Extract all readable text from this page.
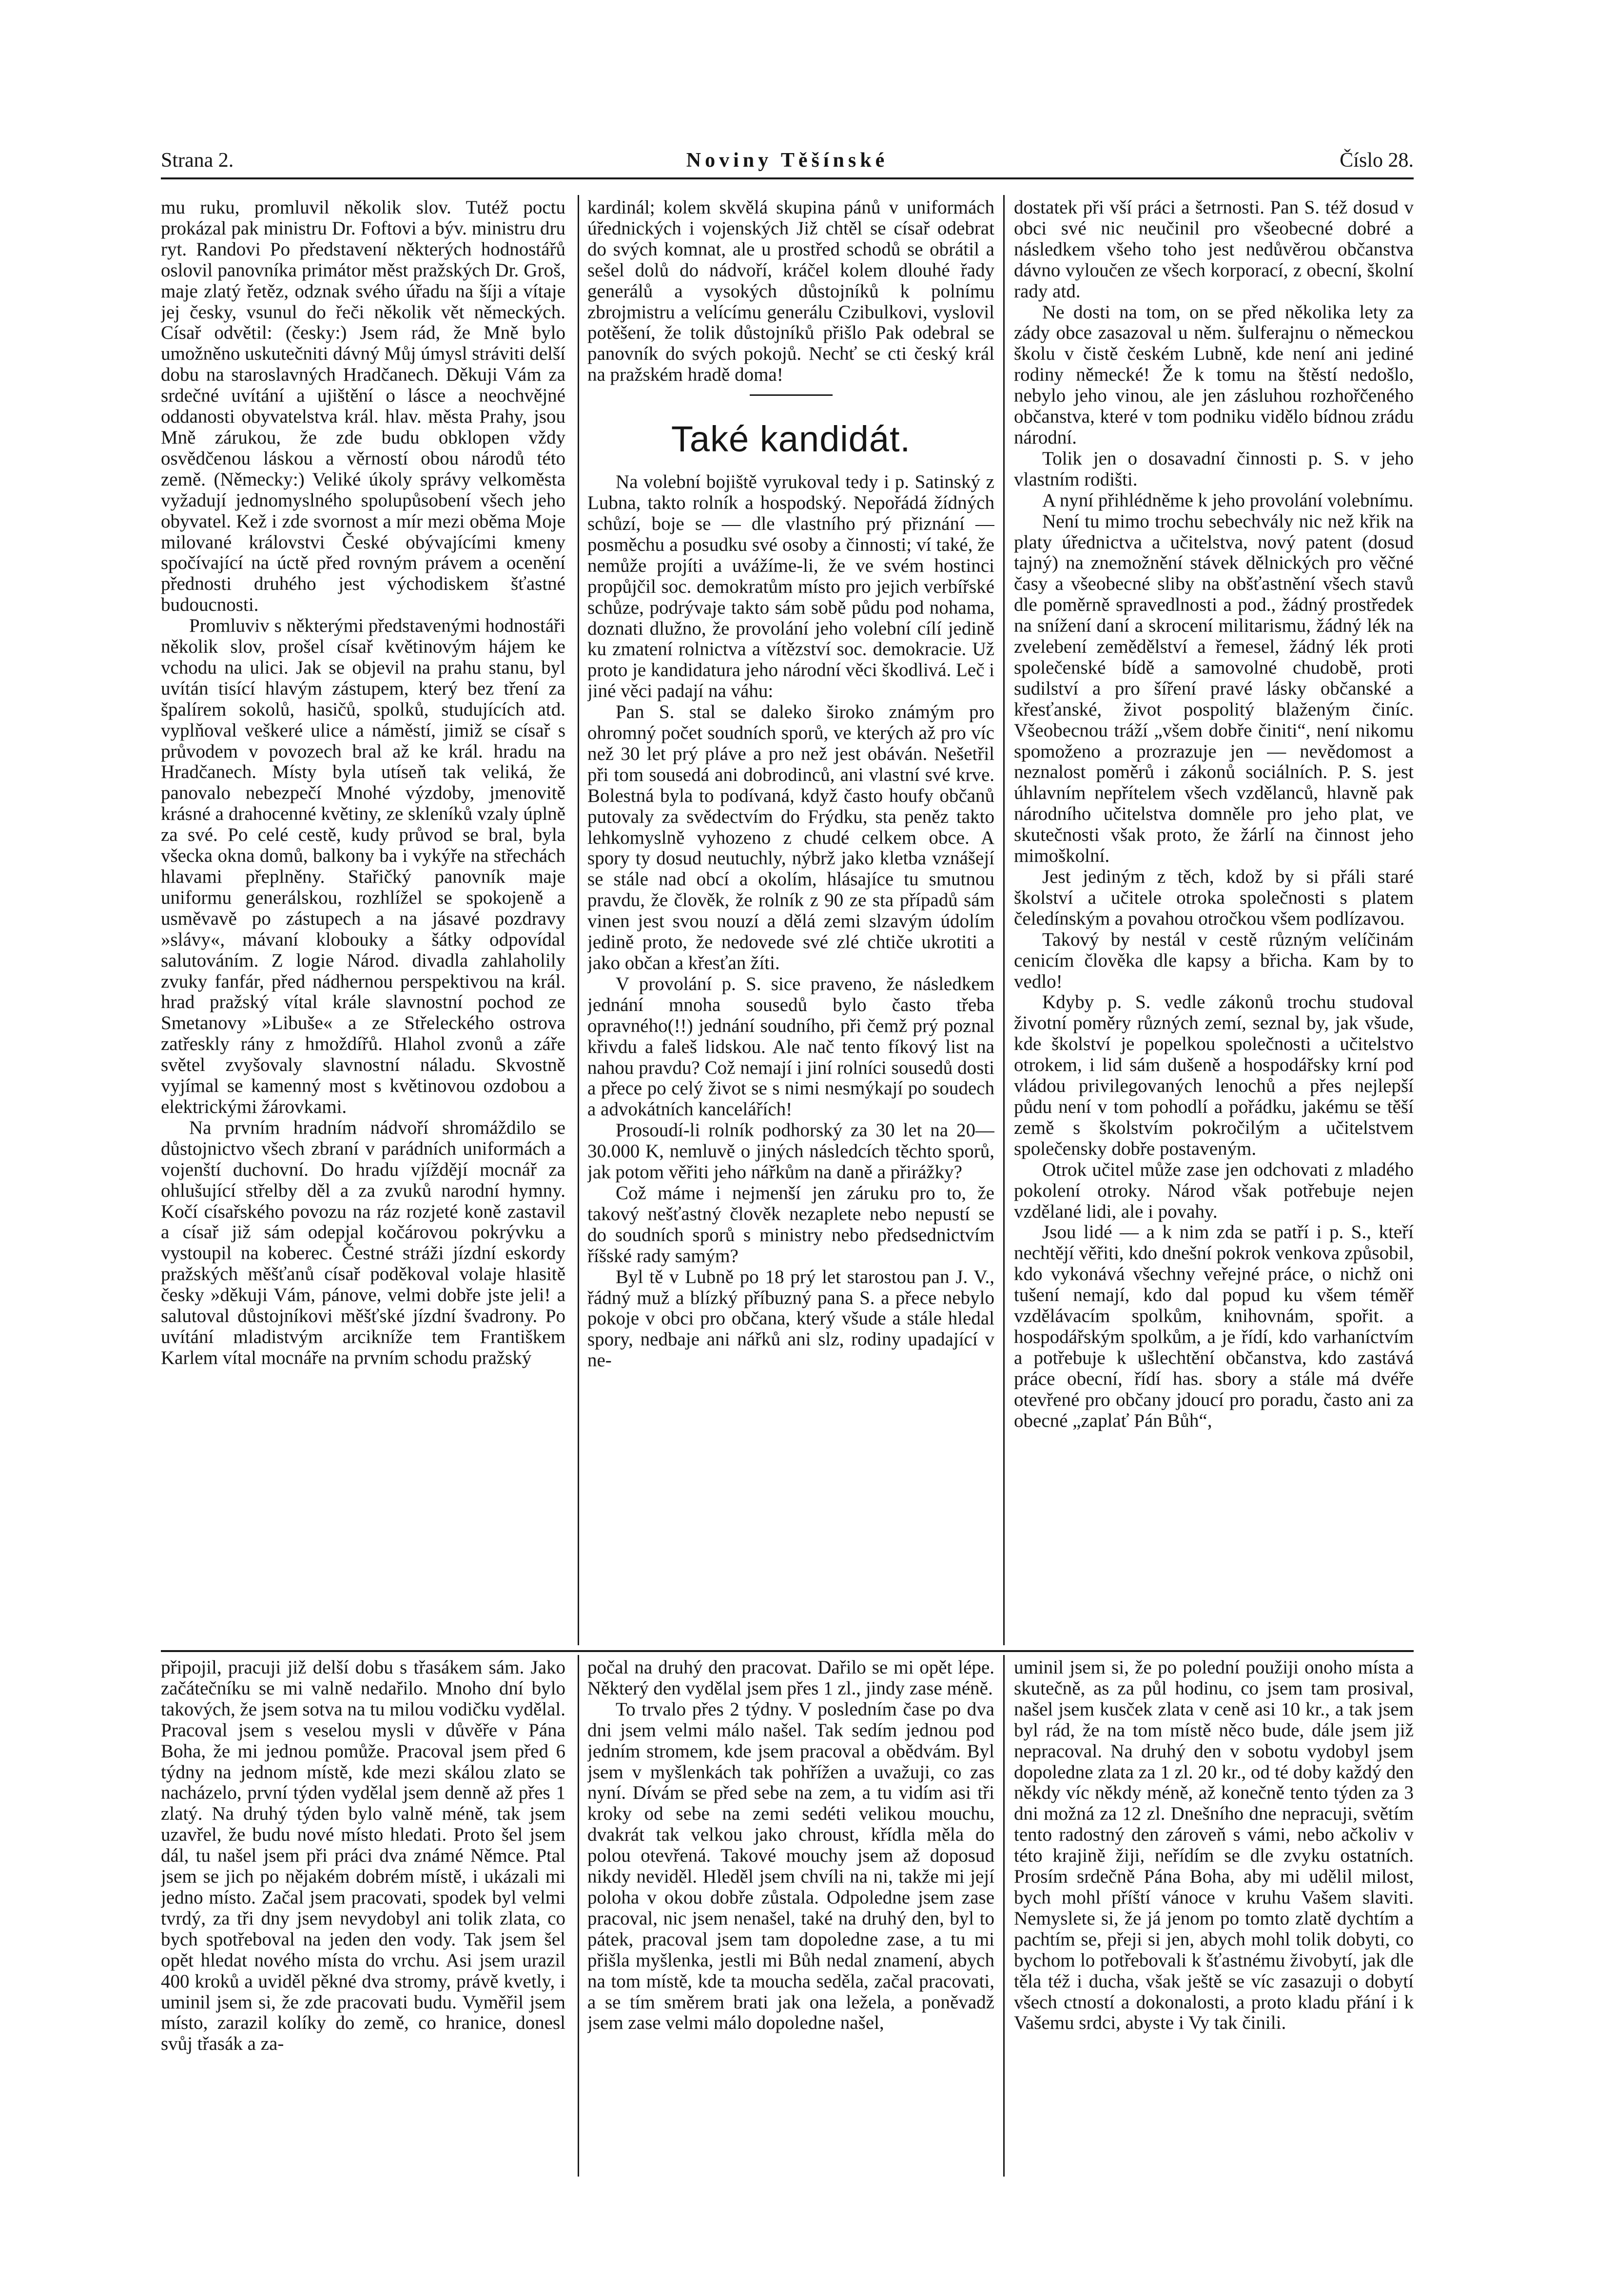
Strana 2.	Noviny Těšínské	Číslo 28.

mu ruku, promluvil několik slov. Tutéž poctu prokázal pak ministru Dr. Foftovi a býv. ministru dru ryt. Randovi Po představení některých hodnostářů oslovil panovníka primátor měst pražských Dr. Groš, maje zlatý řetěz, odznak svého úřadu na šíji a vítaje jej česky, vsunul do řeči několik vět německých. Císař odvětil: (česky:) Jsem rád, že Mně bylo umožněno uskutečniti dávný Můj úmysl stráviti delší dobu na staroslavných Hradčanech. Děkuji Vám za srdečné uvítání a ujištění o lásce a neochvějné oddanosti obyvatelstva král. hlav. města Prahy, jsou Mně zárukou, že zde budu obklopen vždy osvědčenou láskou a věrností obou národů této země. (Německy:) Veliké úkoly správy velkoměsta vyžadují jednomyslného spolupůsobení všech jeho obyvatel. Kež i zde svornost a mír mezi oběma Moje milované královstvi České obývajícími kmeny spočívající na úctě před rovným právem a ocenění přednosti druhého jest východiskem šťastné budoucnosti.

Promluviv s některými představenými hodnostáři několik slov, prošel císař květinovým hájem ke vchodu na ulici. Jak se objevil na prahu stanu, byl uvítán tisící hlavým zástupem, který bez tření za špalírem sokolů, hasičů, spolků, studujících atd. vyplňoval veškeré ulice a náměstí, jimiž se císař s průvodem v povozech bral až ke král. hradu na Hradčanech. Místy byla utíseň tak veliká, že panovalo nebezpečí Mnohé výzdoby, jmenovitě krásné a drahocenné květiny, ze skleníků vzaly úplně za své. Po celé cestě, kudy průvod se bral, byla všecka okna domů, balkony ba i vykýře na střechách hlavami přeplněny. Stařičký panovník maje uniformu generálskou, rozhlížel se spokojeně a usměvavě po zástupech a na jásavé pozdravy »slávy«, mávaní klobouky a šátky odpovídal salutováním. Z logie Národ. divadla zahlaholily zvuky fanfár, před nádhernou perspektivou na král. hrad pražský vítal krále slavnostní pochod ze Smetanovy »Libuše« a ze Střeleckého ostrova zatřeskly rány z hmoždířů. Hlahol zvonů a záře světel zvyšovaly slavnostní náladu. Skvostně vyjímal se kamenný most s květinovou ozdobou a elektrickými žárovkami.

Na prvním hradním nádvoří shromáždilo se důstojnictvo všech zbraní v parádních uniformách a vojenští duchovní. Do hradu vjíždějí mocnář za ohlušující střelby děl a za zvuků narodní hymny. Kočí císařského povozu na ráz rozjeté koně zastavil a císař již sám odepjal kočárovou pokrývku a vystoupil na koberec. Čestné stráži jízdní eskordy pražských měšťanů císař poděkoval volaje hlasitě česky »děkuji Vám, pánove, velmi dobře jste jeli! a salutoval důstojníkovi měšťské jízdní švadrony. Po uvítání mladistvým arcikníže tem Františkem Karlem vítal mocnáře na prvním schodu pražský

kardinál; kolem skvělá skupina pánů v uniformách úřednických i vojenských Již chtěl se císař odebrat do svých komnat, ale u prostřed schodů se obrátil a sešel dolů do nádvoří, kráčel kolem dlouhé řady generálů a vysokých důstojníků k polnímu zbrojmistru a velícímu generálu Czibulkovi, vyslovil potěšení, že tolik důstojníků přišlo Pak odebral se panovník do svých pokojů. Nechť se cti český král na pražském hradě doma!

Také kandidát.

Na volební bojiště vyrukoval tedy i p. Satinský z Lubna, takto rolník a hospodský. Nepořádá žídných schůzí, boje se — dle vlastního prý přiznání — posměchu a posudku své osoby a činnosti; ví také, že nemůže projíti a uvážíme-li, že ve svém hostinci propůjčil soc. demokratům místo pro jejich verbířské schůze, podrývaje takto sám sobě půdu pod nohama, doznati dlužno, že provolání jeho volební cílí jedině ku zmatení rolnictva a vítězství soc. demokracie. Už proto je kandidatura jeho národní věci škodlivá. Leč i jiné věci padají na váhu:

Pan S. stal se daleko široko známým pro ohromný počet soudních sporů, ve kterých až pro víc než 30 let prý pláve a pro než jest obáván. Nešetřil při tom sousedá ani dobrodinců, ani vlastní své krve. Bolestná byla to podívaná, když často houfy občanů putovaly za svědectvím do Frýdku, sta peněz takto lehkomyslně vyhozeno z chudé celkem obce. A spory ty dosud neutuchly, nýbrž jako kletba vznášejí se stále nad obcí a okolím, hlásajíce tu smutnou pravdu, že člověk, že rolník z 90 ze sta případů sám vinen jest svou nouzí a dělá zemi slzavým údolím jedině proto, že nedovede své zlé chtiče ukrotiti a jako občan a křesťan žíti.

V provolání p. S. sice praveno, že následkem jednání mnoha sousedů bylo často třeba opravného(!!) jednání soudního, při čemž prý poznal křivdu a faleš lidskou. Ale nač tento fíkový list na nahou pravdu? Což nemají i jiní rolníci sousedů dosti a přece po celý život se s nimi nesmýkají po soudech a advokátních kancelářích!

Prosoudí-li rolník podhorský za 30 let na 20—30.000 K, nemluvě o jiných následcích těchto sporů, jak potom věřiti jeho nářkům na daně a přirážky?

Což máme i nejmenší jen záruku pro to, že takový nešťastný člověk nezaplete nebo nepustí se do soudních sporů s ministry nebo předsednictvím říšské rady samým?

Byl tě v Lubně po 18 prý let starostou pan J. V., řádný muž a blízký příbuzný pana S. a přece nebylo pokoje v obci pro občana, který všude a stále hledal spory, nedbaje ani nářků ani slz, rodiny upadající v ne-

dostatek při vší práci a šetrnosti. Pan S. též dosud v obci své nic neučinil pro všeobecné dobré a následkem všeho toho jest nedůvěrou občanstva dávno vyloučen ze všech korporací, z obecní, školní rady atd.

Ne dosti na tom, on se před několika lety za zády obce zasazoval u něm. šulferajnu o německou školu v čistě českém Lubně, kde není ani jediné rodiny německé! Že k tomu na štěstí nedošlo, nebylo jeho vinou, ale jen zásluhou rozhořčeného občanstva, které v tom podniku vidělo bídnou zrádu národní.

Tolik jen o dosavadní činnosti p. S. v jeho vlastním rodišti.

A nyní přihlédněme k jeho provolání volebnímu.

Není tu mimo trochu sebechvály nic než křik na platy úřednictva a učitelstva, nový patent (dosud tajný) na znemožnění stávek dělnických pro věčné časy a všeobecné sliby na obšťastnění všech stavů dle poměrně spravedlnosti a pod., žádný prostředek na snížení daní a skrocení militarismu, žádný lék na zvelebení zemědělství a řemesel, žádný lék proti společenské bídě a samovolné chudobě, proti sudilství a pro šíření pravé lásky občanské a křesťanské, život pospolitý blaženým činíc. Všeobecnou tráží „všem dobře činiti“, není nikomu spomoženo a prozrazuje jen — nevědomost a neznalost poměrů i zákonů sociálních. P. S. jest úhlavním nepřítelem všech vzdělanců, hlavně pak národního učitelstva domněle pro jeho plat, ve skutečnosti však proto, že žárlí na činnost jeho mimoškolní.

Jest jediným z těch, kdož by si přáli staré školství a učitele otroka společnosti s platem čeledínským a povahou otročkou všem podlízavou.

Takový by nestál v cestě různým velíčinám cenicím člověka dle kapsy a břicha. Kam by to vedlo!

Kdyby p. S. vedle zákonů trochu studoval životní poměry různých zemí, seznal by, jak všude, kde školství je popelkou společnosti a učitelstvo otrokem, i lid sám dušeně a hospodářsky krní pod vládou privilegovaných lenochů a přes nejlepší půdu není v tom pohodlí a pořádku, jakému se těší země s školstvím pokročilým a učitelstvem společensky dobře postaveným.

Otrok učitel může zase jen odchovati z mladého pokolení otroky. Národ však potřebuje nejen vzdělané lidi, ale i povahy.

Jsou lidé — a k nim zda se patří i p. S., kteří nechtějí věřiti, kdo dnešní pokrok venkova způsobil, kdo vykonává všechny veřejné práce, o nichž oni tušení nemají, kdo dal popud ku všem téměř vzdělávacím spolkům, knihovnám, spořit. a hospodářským spolkům, a je řídí, kdo varhaníctvím a potřebuje k ušlechtění občanstva, kdo zastává práce obecní, řídí has. sbory a stále má dvéře otevřené pro občany jdoucí pro poradu, často ani za obecné „zaplať Pán Bůh“,

připojil, pracuji již delší dobu s třasákem sám. Jako začátečníku se mi valně nedařilo. Mnoho dní bylo takových, že jsem sotva na tu milou vodičku vydělal. Pracoval jsem s veselou mysli v důvěře v Pána Boha, že mi jednou pomůže. Pracoval jsem před 6 týdny na jednom místě, kde mezi skálou zlato se nacházelo, první týden vydělal jsem denně až přes 1 zlatý. Na druhý týden bylo valně méně, tak jsem uzavřel, že budu nové místo hledati. Proto šel jsem dál, tu našel jsem při práci dva známé Němce. Ptal jsem se jich po nějakém dobrém místě, i ukázali mi jedno místo. Začal jsem pracovati, spodek byl velmi tvrdý, za tři dny jsem nevydobyl ani tolik zlata, co bych spotřeboval na jeden den vody. Tak jsem šel opět hledat nového místa do vrchu. Asi jsem urazil 400 kroků a uviděl pěkné dva stromy, právě kvetly, i uminil jsem si, že zde pracovati budu. Vyměřil jsem místo, zarazil kolíky do země, co hranice, donesl svůj třasák a za-

počal na druhý den pracovat. Dařilo se mi opět lépe. Některý den vydělal jsem přes 1 zl., jindy zase méně.

To trvalo přes 2 týdny. V posledním čase po dva dni jsem velmi málo našel. Tak sedím jednou pod jedním stromem, kde jsem pracoval a obědvám. Byl jsem v myšlenkách tak pohřížen a uvažuji, co zas nyní. Dívám se před sebe na zem, a tu vidím asi tři kroky od sebe na zemi sedéti velikou mouchu, dvakrát tak velkou jako chroust, křídla měla do polou otevřená. Takové mouchy jsem až doposud nikdy neviděl. Hleděl jsem chvíli na ni, takže mi její poloha v okou dobře zůstala. Odpoledne jsem zase pracoval, nic jsem nenašel, také na druhý den, byl to pátek, pracoval jsem tam dopoledne zase, a tu mi přišla myšlenka, jestli mi Bůh nedal znamení, abych na tom místě, kde ta moucha seděla, začal pracovati, a se tím směrem brati jak ona ležela, a poněvadž jsem zase velmi málo dopoledne našel,

uminil jsem si, že po polední použiji onoho místa a skutečně, as za půl hodinu, co jsem tam prosival, našel jsem kusček zlata v ceně asi 10 kr., a tak jsem byl rád, že na tom místě něco bude, dále jsem již nepracoval. Na druhý den v sobotu vydobyl jsem dopoledne zlata za 1 zl. 20 kr., od té doby každý den někdy víc někdy méně, až konečně tento týden za 3 dni možná za 12 zl. Dnešního dne nepracuji, světím tento radostný den zároveň s vámi, nebo ačkoliv v této krajině žiji, neřídím se dle zvyku ostatních. Prosím srdečně Pána Boha, aby mi udělil milost, bych mohl příští vánoce v kruhu Vašem slaviti. Nemyslete si, že já jenom po tomto zlatě dychtím a pachtím se, přeji si jen, abych mohl tolik dobyti, co bychom lo potřebovali k šťastnému živobytí, jak dle těla též i ducha, však ještě se víc zasazuji o dobytí všech ctností a dokonalosti, a proto kladu přání i k Vašemu srdci, abyste i Vy tak činili.
